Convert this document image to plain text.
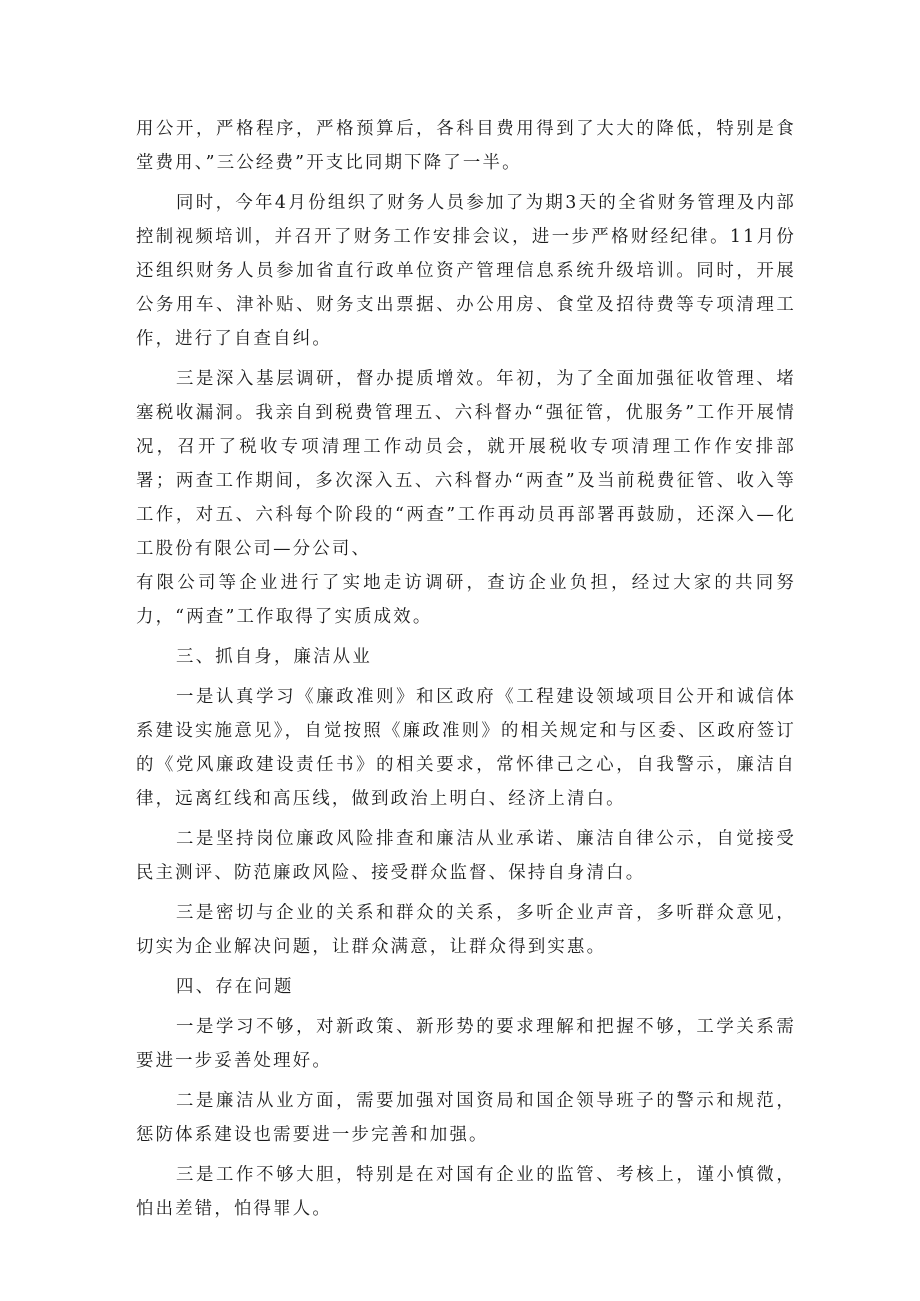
用公开，严格程序，严格预算后，各科目费用得到了大大的降低，特别是食堂费用、”三公经费”开支比同期下降了一半。

同时，今年4月份组织了财务人员参加了为期3天的全省财务管理及内部控制视频培训，并召开了财务工作安排会议，进一步严格财经纪律。11月份还组织财务人员参加省直行政单位资产管理信息系统升级培训。同时，开展公务用车、津补贴、财务支出票据、办公用房、食堂及招待费等专项清理工作，进行了自查自纠。

三是深入基层调研，督办提质增效。年初，为了全面加强征收管理、堵塞税收漏洞。我亲自到税费管理五、六科督办“强征管，优服务”工作开展情况，召开了税收专项清理工作动员会，就开展税收专项清理工作作安排部署；两查工作期间，多次深入五、六科督办“两查”及当前税费征管、收入等工作，对五、六科每个阶段的“两查”工作再动员再部署再鼓励，还深入—化工股份有限公司—分公司、

有限公司等企业进行了实地走访调研，查访企业负担，经过大家的共同努力，“两查”工作取得了实质成效。

三、抓自身，廉洁从业

一是认真学习《廉政准则》和区政府《工程建设领域项目公开和诚信体系建设实施意见》，自觉按照《廉政准则》的相关规定和与区委、区政府签订的《党风廉政建设责任书》的相关要求，常怀律己之心，自我警示，廉洁自律，远离红线和高压线，做到政治上明白、经济上清白。

二是坚持岗位廉政风险排查和廉洁从业承诺、廉洁自律公示，自觉接受民主测评、防范廉政风险、接受群众监督、保持自身清白。

三是密切与企业的关系和群众的关系，多听企业声音，多听群众意见，切实为企业解决问题，让群众满意，让群众得到实惠。

四、存在问题

一是学习不够，对新政策、新形势的要求理解和把握不够，工学关系需要进一步妥善处理好。

二是廉洁从业方面，需要加强对国资局和国企领导班子的警示和规范，惩防体系建设也需要进一步完善和加强。

三是工作不够大胆，特别是在对国有企业的监管、考核上，谨小慎微，怕出差错，怕得罪人。
